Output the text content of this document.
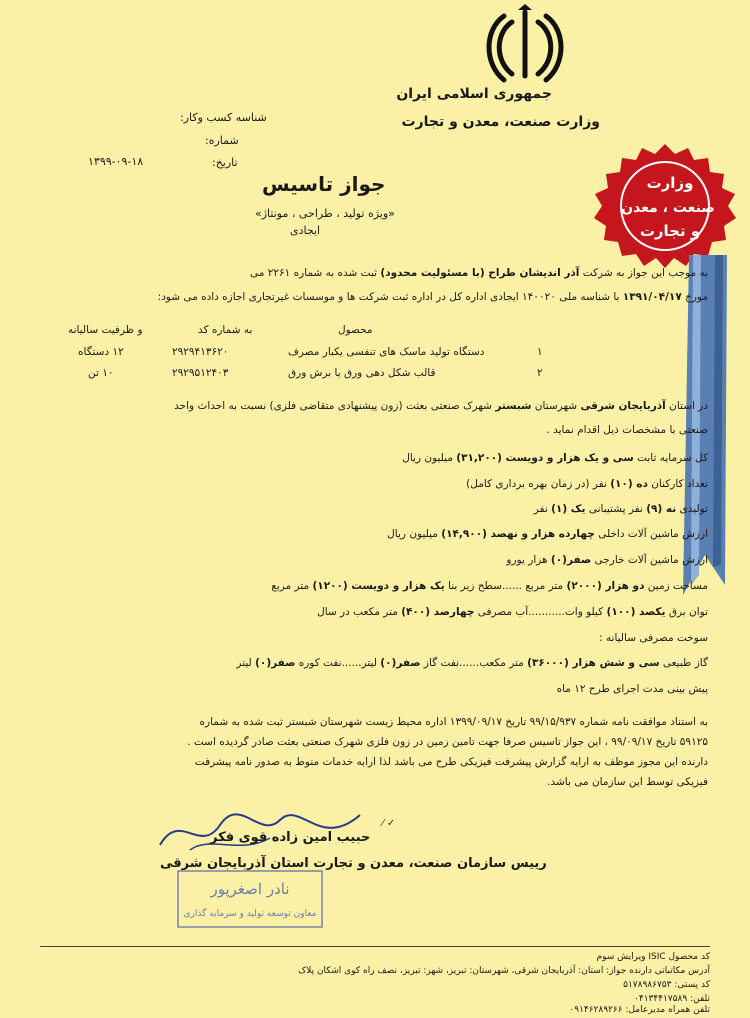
جمهوری اسلامی ایران
وزارت صنعت، معدن و تجارت
شناسه کسب وکار:
شماره:
تاریخ:
۱۳۹۹-۰۹-۱۸
وزارت
صنعت ، معدن
و تجارت
جواز تاسیس
«ویژه تولید ، طراحی ، مونتاژ»
ایجادی
به موجب این جواز به شرکت آذر اندیشان طراح (با مسئولیت محدود) ثبت شده به شماره ۲۲۶۱ می
مورخ ۱۳۹۱/۰۴/۱۷ با شناسه ملی ۱۴۰۰۲۰ ایجادی اداره کل در اداره ثبت شرکت ها و موسسات غیرتجاری اجازه داده می شود:
محصول
به شماره کد
و ظرفیت سالیانه
۱
دستگاه تولید ماسک های تنفسی یکبار مصرف
۲۹۲۹۴۱۳۶۲۰
۱۲ دستگاه
۲
قالب شکل دهی ورق یا برش ورق
۲۹۲۹۵۱۲۴۰۳
۱۰ تن
در استان آذربایجان شرقی شهرستان شبستر شهرک صنعتی بعثت (زون پیشنهادی متقاضی فلزی) نسبت به احداث واحد
صنعتی با مشخصات ذیل اقدام نماید .
کل سرمایه ثابت سی و یک هزار و دویست (۳۱,۲۰۰) میلیون ریال
تعداد کارکنان ده (۱۰) نفر (در زمان بهره برداری کامل)
تولیدی نه (۹) نفر پشتیبانی یک (۱) نفر
ارزش ماشین آلات داخلی چهارده هزار و نهصد (۱۴,۹۰۰) میلیون ریال
ارزش ماشین آلات خارجی صفر(۰) هزار یورو
مساحت زمین دو هزار (۲۰۰۰) متر مربع ......سطح زیر بنا یک هزار و دویست (۱۲۰۰) متر مربع
توان برق یکصد (۱۰۰) کیلو وات...........آب مصرفی چهارصد (۴۰۰) متر مکعب در سال
سوخت مصرفی سالیانه :
گاز طبیعی سی و شش هزار (۳۶۰۰۰) متر مکعب......نفت گاز صفر(۰) لیتر......نفت کوره صفر(۰) لیتر
پیش بینی مدت اجرای طرح ۱۲ ماه
به استناد موافقت نامه شماره ۹۹/۱۵/۹۳۷ تاریخ ۱۳۹۹/۰۹/۱۷ اداره محیط زیست شهرستان شبستر ثبت شده به شماره
۵۹۱۲۵ تاریخ ۹۹/۰۹/۱۷ ، این جواز تاسیس صرفا جهت تامین زمین در زون فلزی شهرک صنعتی بعثت صادر گردیده است .
دارنده این مجوز موظف به ارایه گزارش پیشرفت فیزیکی طرح می باشد لذا ارایه خدمات منوط به صدور نامه پیشرفت
فیزیکی توسط این سازمان می باشد.
✓ ⁄
حبیب امین زاده قوی فکر
رییس سازمان صنعت، معدن و تجارت استان آذربایجان شرقی
نادر اصغرپور
معاون توسعه تولید و سرمایه گذاری
کد محصول ISIC ویرایش سوم
آدرس مکاتباتی دارنده جواز: استان: آذربایجان شرقی، شهرستان: تبریز، شهر: تبریز، نصف راه کوی اشکان پلاک
کد پستی: ۵۱۷۸۹۸۶۷۵۳
تلفن: ۰۴۱۳۴۴۱۷۵۸۹
تلفن همراه مدیرعامل: ۰۹۱۴۶۲۸۹۲۶۶
